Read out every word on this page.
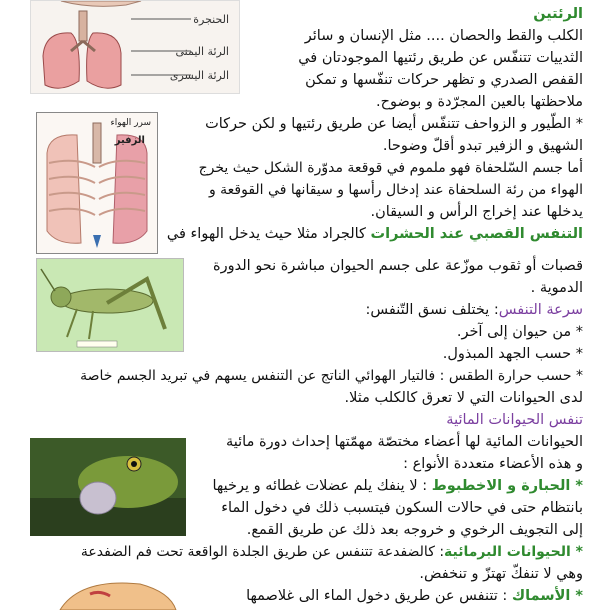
الحنجرة
الرئة اليمنى
الرئة اليسرى
سرر الهواء
الزفير
الرئتين
الكلب والقط والحصان .... مثل الإنسان و سائر
الثدييات تتنفّس عن طريق رئتيها الموجودتان في
القفص الصدري و تظهر حركات تنفّسها و تمكن
ملاحظتها بالعين المجرّدة و بوضوح.
* الطّيور و الزواحف تتنفّس أيضا عن طريق رئتيها و لكن حركات
الشهيق و الزفير تبدو أقلّ وضوحا.
أما جسم السّلحفاة فهو ملموم في قوقعة مدوّرة الشكل حيث يخرج
الهواء من رئة السلحفاة عند إدخال رأسها و سيقانها في القوقعة و
يدخلها عند إخراج الرأس و السيقان.
التنفس القصبي عند الحشرات كالجراد مثلا حيث يدخل الهواء في
قصبات أو ثقوب موزّعة على جسم الحيوان مباشرة نحو الدورة
الدموية .
سرعة التنفس: يختلف نسق التّنفس:
* من حيوان إلى آخر.
* حسب الجهد المبذول.
* حسب حرارة الطقس : فالتيار الهوائي الناتج عن التنفس يسهم في تبريد الجسم خاصة
لدى الحيوانات التي لا تعرق كالكلب مثلا.
تنفس الحيوانات المائية
الحيوانات المائية لها أعضاء مختصّة مهمّتها إحداث دورة مائية
و هذه الأعضاء متعددة الأنواع :
* الحبارة و الاخطبوط : لا ينفك يلم عضلات غطائه و يرخيها
بانتظام حتى في حالات السكون فيتسبب ذلك في دخول الماء
إلى التجويف الرخوي و خروجه بعد ذلك عن طريق القمع.
* الحيوانات البرمائية: كالضفدعة تتنفس عن طريق الجلدة الواقعة تحت فم الضفدعة
وهي لا تنفكّ تهتزّ و تنخفض.
* الأسماك : تتنفس عن طريق دخول الماء الى غلاصمها
